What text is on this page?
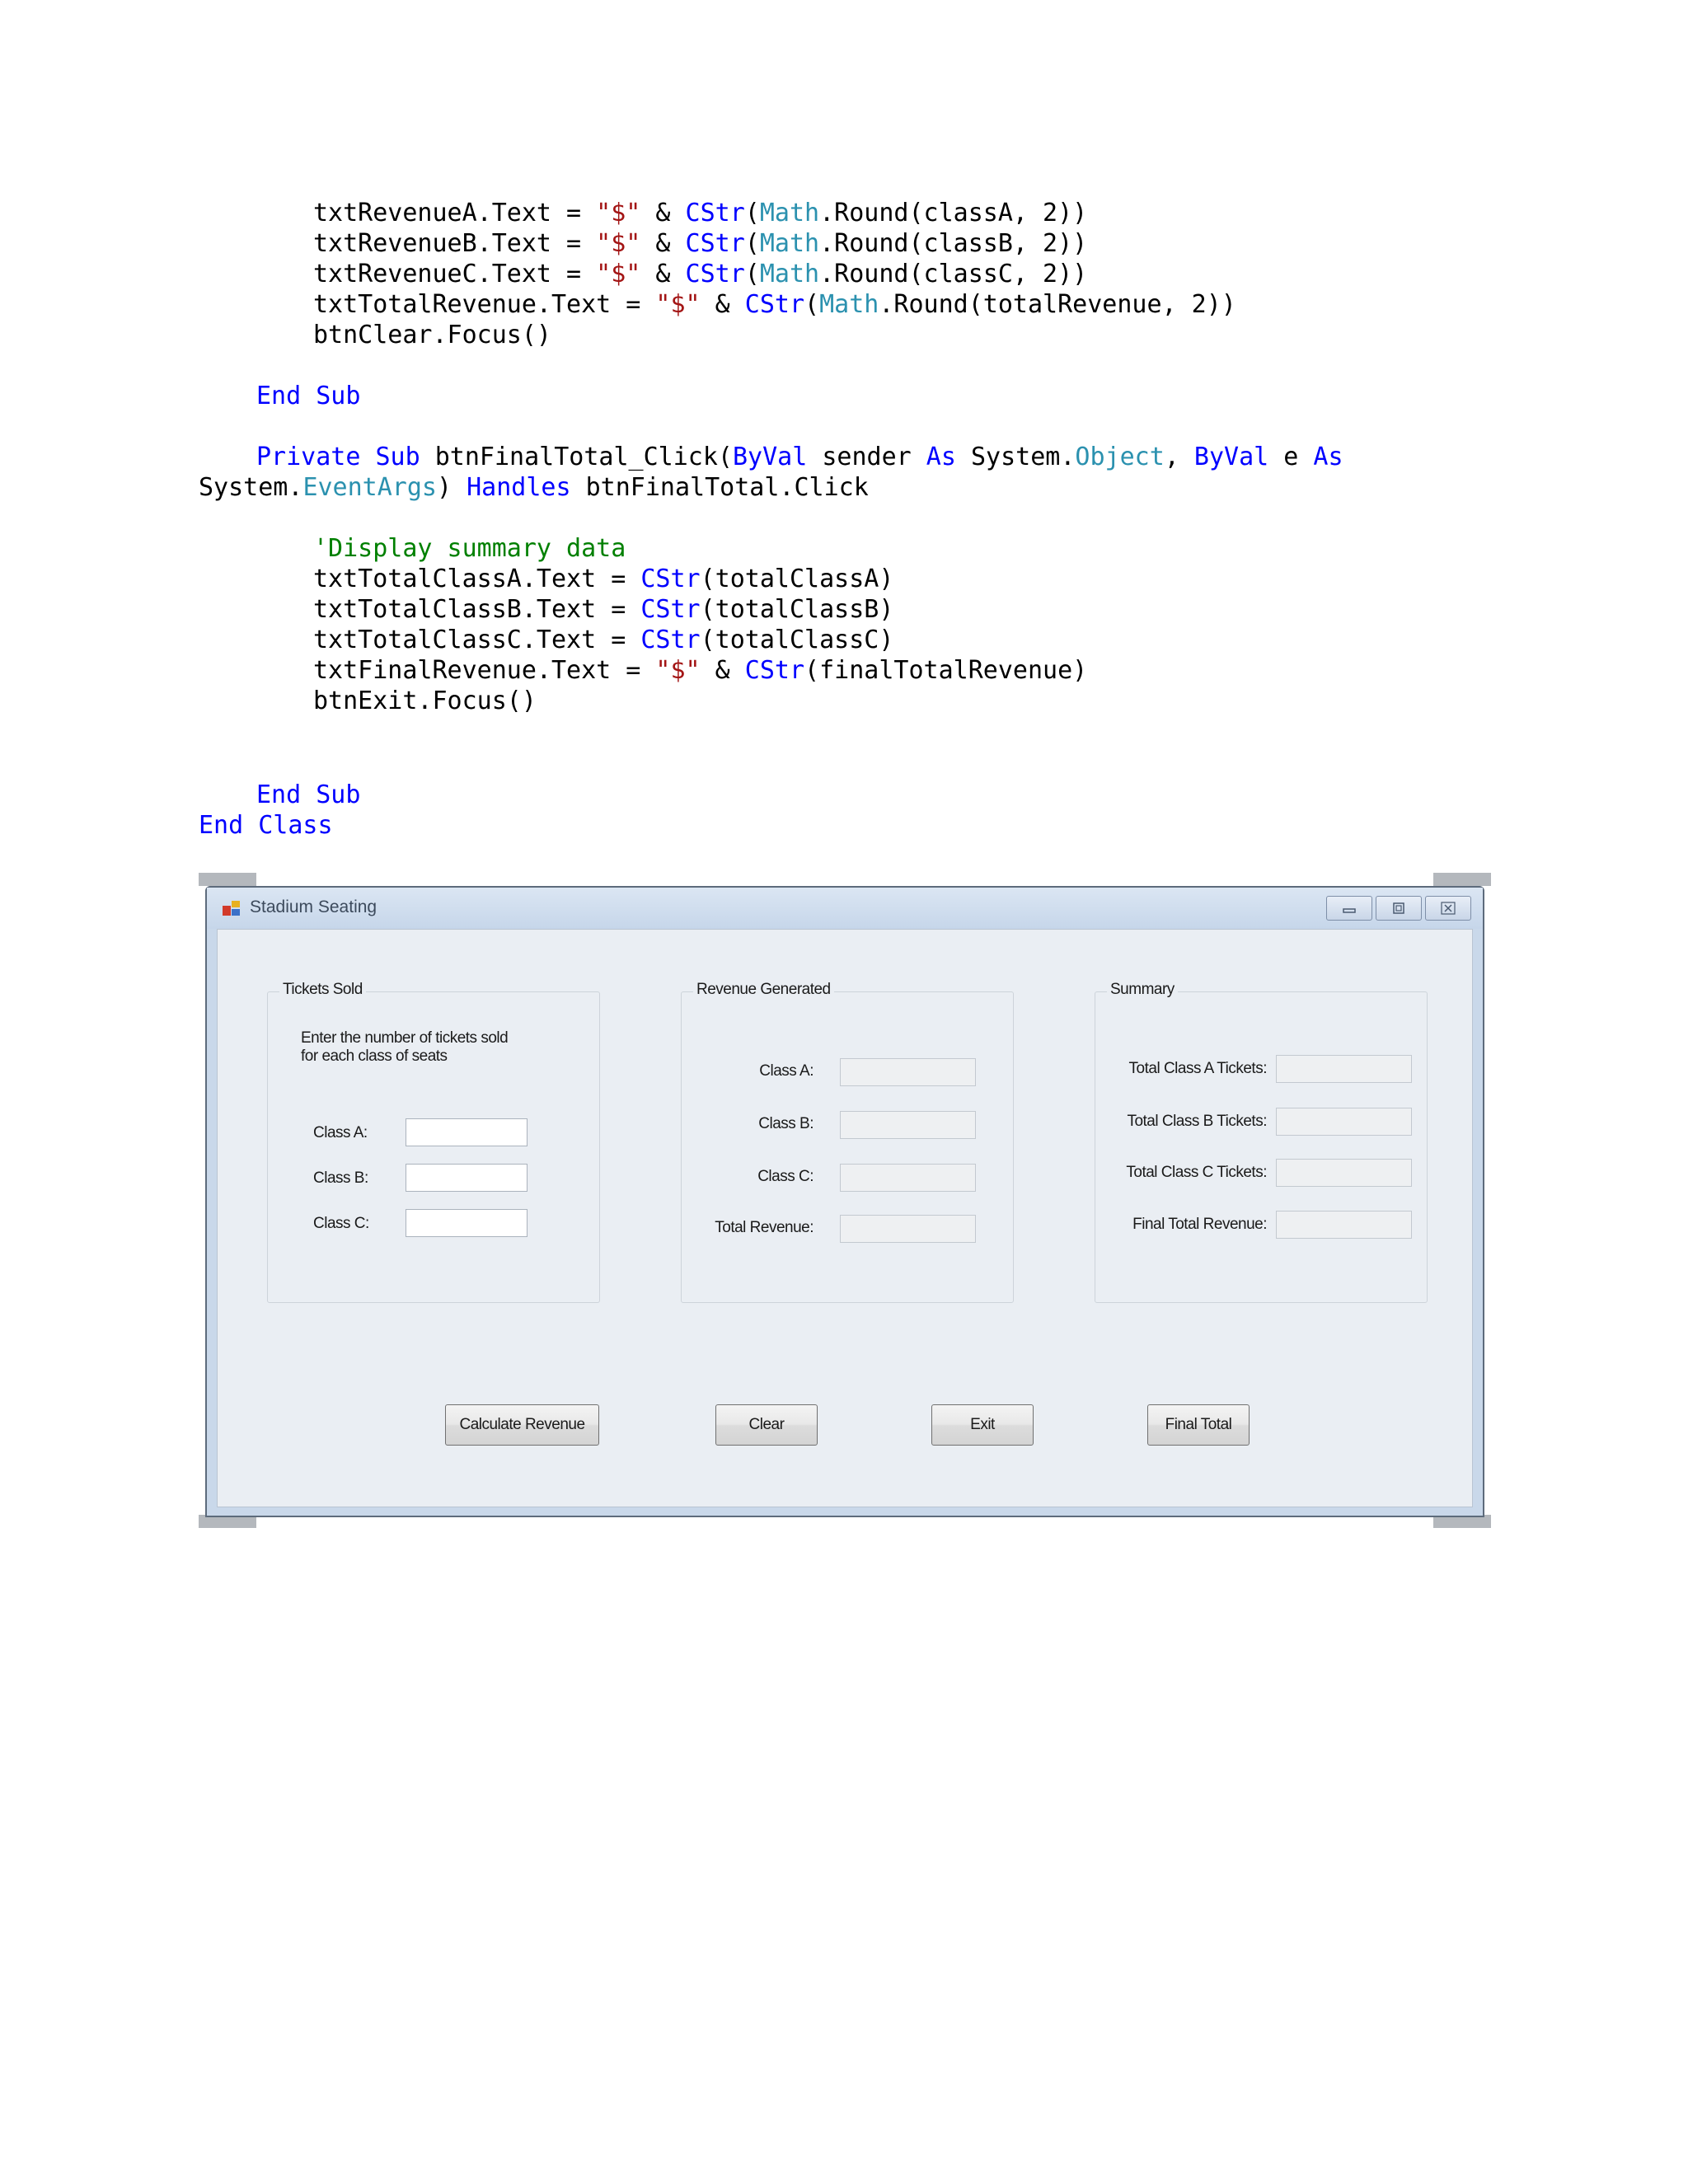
txtRevenueA.Text = "$" & CStr(Math.Round(classA, 2))
txtRevenueB.Text = "$" & CStr(Math.Round(classB, 2))
txtRevenueC.Text = "$" & CStr(Math.Round(classC, 2))
txtTotalRevenue.Text = "$" & CStr(Math.Round(totalRevenue, 2))
btnClear.Focus()
End Sub
Private Sub btnFinalTotal_Click(ByVal sender As System.Object, ByVal e As
System.EventArgs) Handles btnFinalTotal.Click
'Display summary data
txtTotalClassA.Text = CStr(totalClassA)
txtTotalClassB.Text = CStr(totalClassB)
txtTotalClassC.Text = CStr(totalClassC)
txtFinalRevenue.Text = "$" & CStr(finalTotalRevenue)
btnExit.Focus()
End Sub
End Class
Stadium Seating
Tickets Sold
Enter the number of tickets sold
for each class of seats
Class A:
Class B:
Class C:
Revenue Generated
Class A:
Class B:
Class C:
Total Revenue:
Summary
Total Class A Tickets:
Total Class B Tickets:
Total Class C Tickets:
Final Total Revenue:
Calculate Revenue	Clear	Exit	Final Total
